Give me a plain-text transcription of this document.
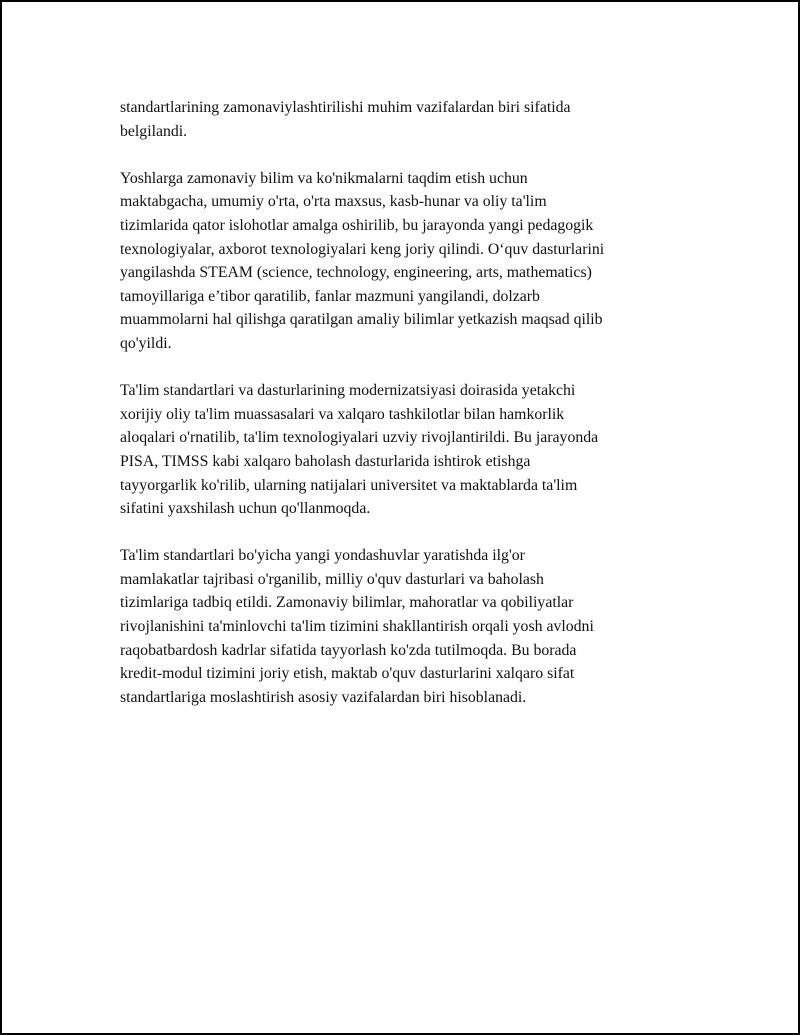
standartlarining zamonaviylashtirilishi muhim vazifalardan biri sifatida
belgilandi.

Yoshlarga zamonaviy bilim va ko'nikmalarni taqdim etish uchun
maktabgacha, umumiy o'rta, o'rta maxsus, kasb-hunar va oliy ta'lim
tizimlarida qator islohotlar amalga oshirilib, bu jarayonda yangi pedagogik
texnologiyalar, axborot texnologiyalari keng joriy qilindi. O‘quv dasturlarini
yangilashda STEAM (science, technology, engineering, arts, mathematics)
tamoyillariga e’tibor qaratilib, fanlar mazmuni yangilandi, dolzarb
muammolarni hal qilishga qaratilgan amaliy bilimlar yetkazish maqsad qilib
qo'yildi.

Ta'lim standartlari va dasturlarining modernizatsiyasi doirasida yetakchi
xorijiy oliy ta'lim muassasalari va xalqaro tashkilotlar bilan hamkorlik
aloqalari o'rnatilib, ta'lim texnologiyalari uzviy rivojlantirildi. Bu jarayonda
PISA, TIMSS kabi xalqaro baholash dasturlarida ishtirok etishga
tayyorgarlik ko'rilib, ularning natijalari universitet va maktablarda ta'lim
sifatini yaxshilash uchun qo'llanmoqda.

Ta'lim standartlari bo'yicha yangi yondashuvlar yaratishda ilg'or
mamlakatlar tajribasi o'rganilib, milliy o'quv dasturlari va baholash
tizimlariga tadbiq etildi. Zamonaviy bilimlar, mahoratlar va qobiliyatlar
rivojlanishini ta'minlovchi ta'lim tizimini shakllantirish orqali yosh avlodni
raqobatbardosh kadrlar sifatida tayyorlash ko'zda tutilmoqda. Bu borada
kredit-modul tizimini joriy etish, maktab o'quv dasturlarini xalqaro sifat
standartlariga moslashtirish asosiy vazifalardan biri hisoblanadi.
